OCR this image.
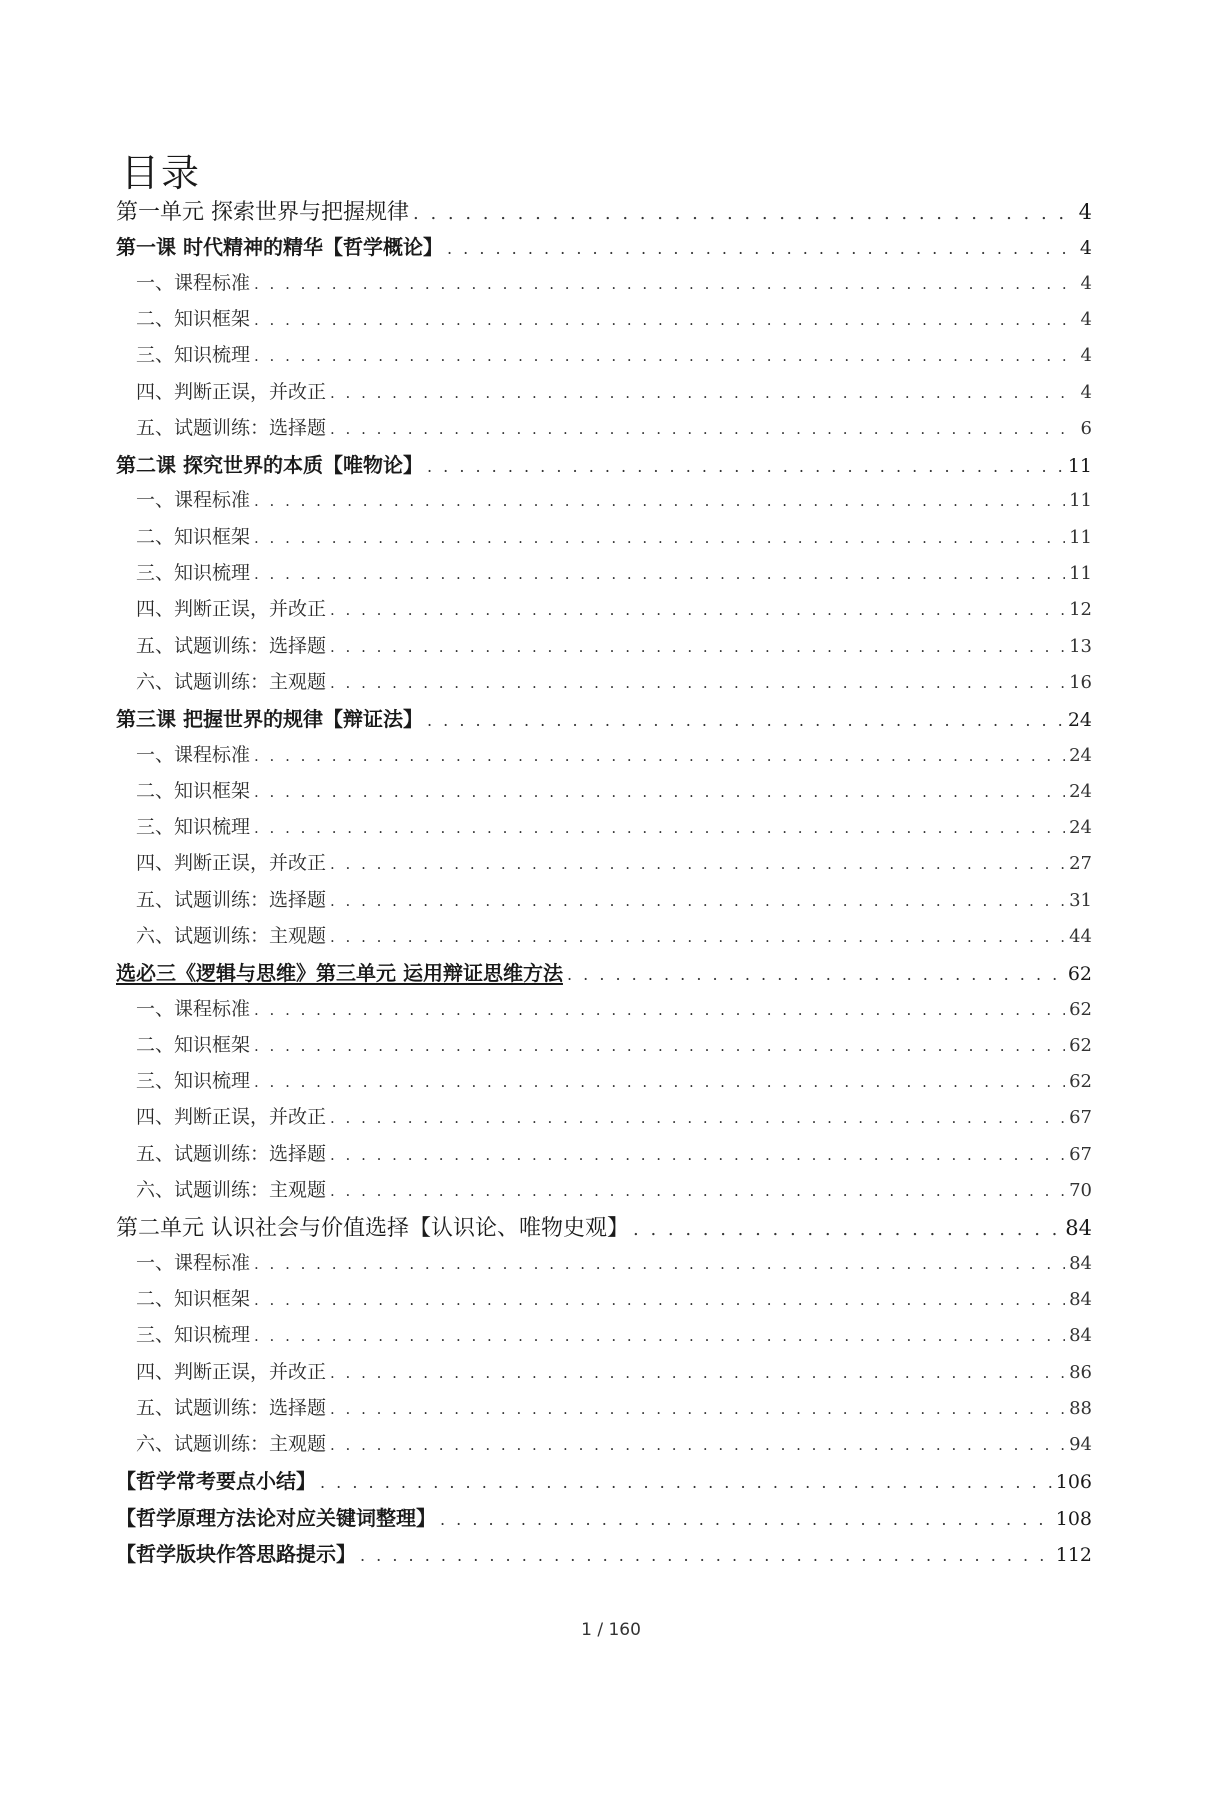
目录
第一单元 探索世界与把握规律 . . .	4
第一课 时代精神的精华【哲学概论】 . . .	4
一、课程标准 . . .	4
二、知识框架 . . .	4
三、知识梳理 . . .	4
四、判断正误，并改正 . . .	4
五、试题训练：选择题 . . .	6
第二课 探究世界的本质【唯物论】 . . .	11
一、课程标准 . . .	11
二、知识框架 . . .	11
三、知识梳理 . . .	11
四、判断正误，并改正 . . .	12
五、试题训练：选择题 . . .	13
六、试题训练：主观题 . . .	16
第三课 把握世界的规律【辩证法】 . . .	24
一、课程标准 . . .	24
二、知识框架 . . .	24
三、知识梳理 . . .	24
四、判断正误，并改正 . . .	27
五、试题训练：选择题 . . .	31
六、试题训练：主观题 . . .	44
选必三《逻辑与思维》第三单元 运用辩证思维方法 . . .	62
一、课程标准 . . .	62
二、知识框架 . . .	62
三、知识梳理 . . .	62
四、判断正误，并改正 . . .	67
五、试题训练：选择题 . . .	67
六、试题训练：主观题 . . .	70
第二单元 认识社会与价值选择【认识论、唯物史观】 . . .	84
一、课程标准 . . .	84
二、知识框架 . . .	84
三、知识梳理 . . .	84
四、判断正误，并改正 . . .	86
五、试题训练：选择题 . . .	88
六、试题训练：主观题 . . .	94
【哲学常考要点小结】 . . .	106
【哲学原理方法论对应关键词整理】 . . .	108
【哲学版块作答思路提示】 . . .	112
1 / 160
